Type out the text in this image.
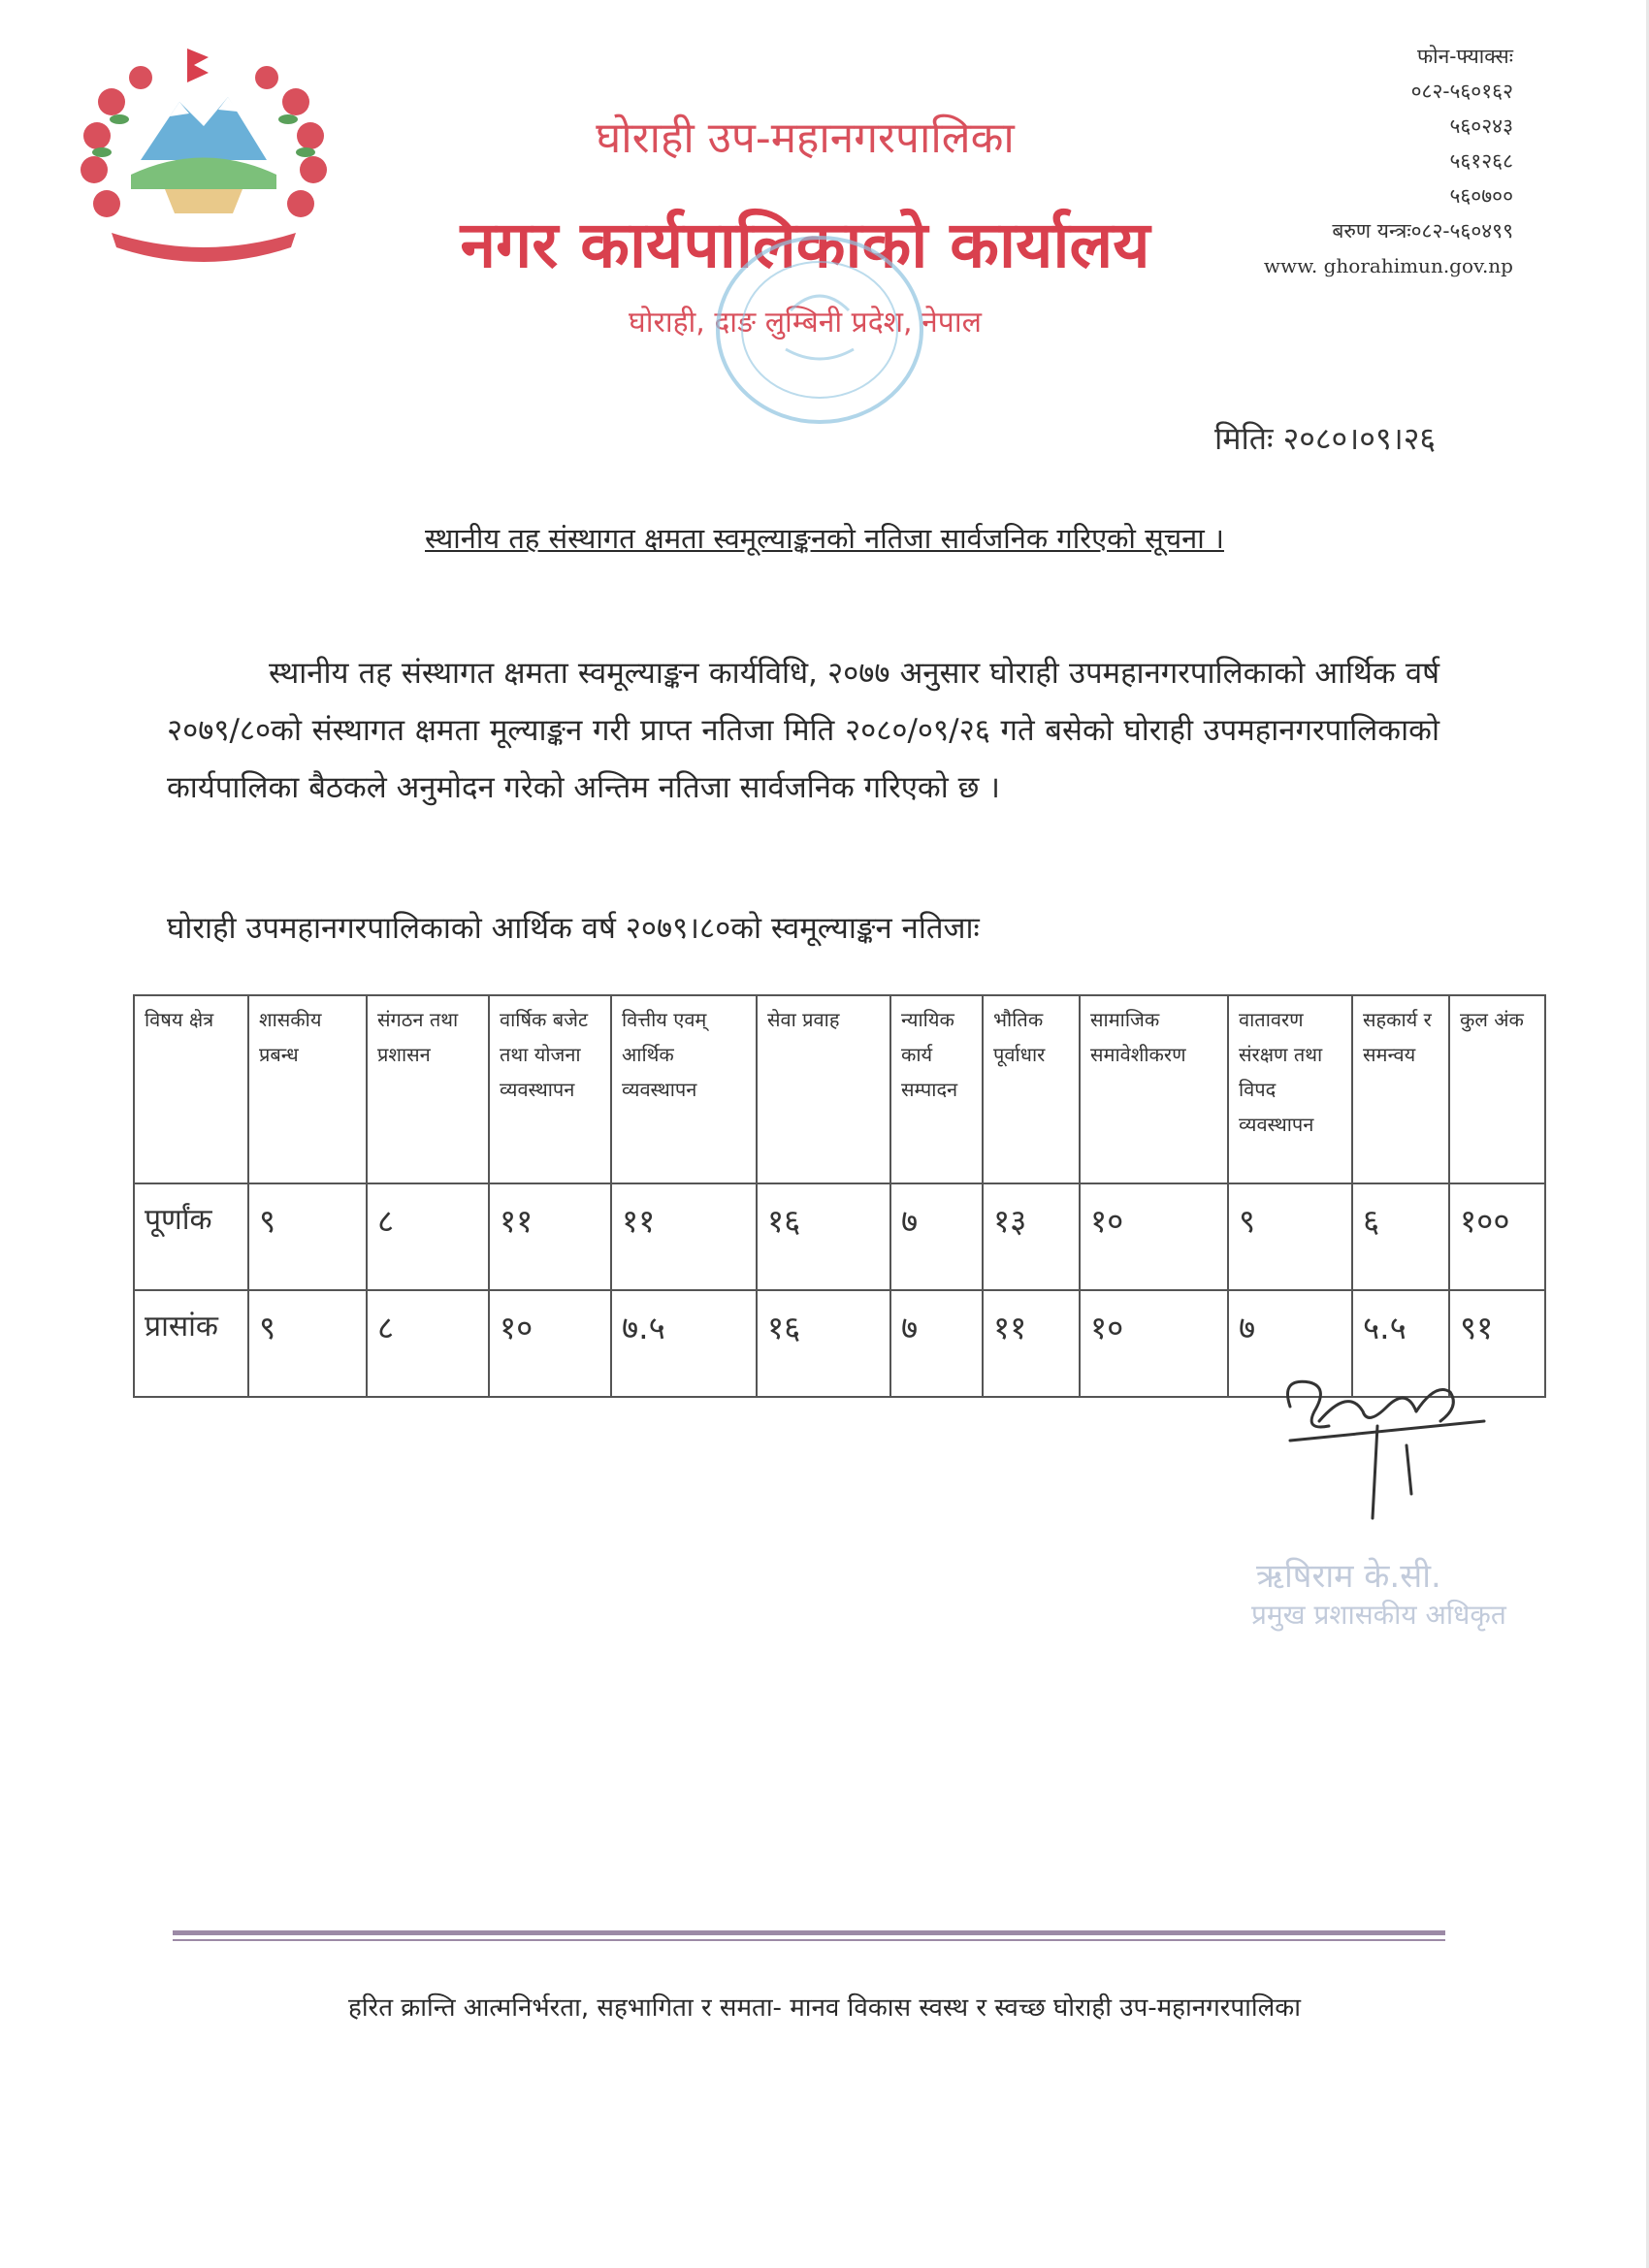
घोराही उप-महानगरपालिका
नगर कार्यपालिकाको कार्यालय
घोराही, दाङ लुम्बिनी प्रदेश, नेपाल
फोन-फ्याक्सः
०८२-५६०१६२
५६०२४३
५६१२६८
५६०७००
बरुण यन्त्रः०८२-५६०४९९
www. ghorahimun.gov.np
मितिः २०८०।०९।२६
स्थानीय तह संस्थागत क्षमता स्वमूल्याङ्कनको नतिजा सार्वजनिक गरिएको सूचना ।
स्थानीय तह संस्थागत क्षमता स्वमूल्याङ्कन कार्यविधि, २०७७ अनुसार घोराही उपमहानगरपालिकाको आर्थिक वर्ष २०७९/८०को संस्थागत क्षमता मूल्याङ्कन गरी प्राप्त नतिजा मिति २०८०/०९/२६ गते बसेको घोराही उपमहानगरपालिकाको कार्यपालिका बैठकले अनुमोदन गरेको अन्तिम नतिजा सार्वजनिक गरिएको छ ।
घोराही उपमहानगरपालिकाको आर्थिक वर्ष २०७९।८०को स्वमूल्याङ्कन नतिजाः
विषय क्षेत्र	शासकीय प्रबन्ध	संगठन तथा प्रशासन	वार्षिक बजेट तथा योजना व्यवस्थापन	वित्तीय एवम् आर्थिक व्यवस्थापन	सेवा प्रवाह	न्यायिक कार्य सम्पादन	भौतिक पूर्वाधार	सामाजिक समावेशीकरण	वातावरण संरक्षण तथा विपद व्यवस्थापन	सहकार्य र समन्वय	कुल अंक
पूर्णांक	९	८	११	११	१६	७	१३	१०	९	६	१००
प्रासांक	९	८	१०	७.५	१६	७	११	१०	७	५.५	९१
ऋषिराम के.सी.
प्रमुख प्रशासकीय अधिकृत
हरित क्रान्ति आत्मनिर्भरता, सहभागिता र समता- मानव विकास स्वस्थ र स्वच्छ घोराही उप-महानगरपालिका
